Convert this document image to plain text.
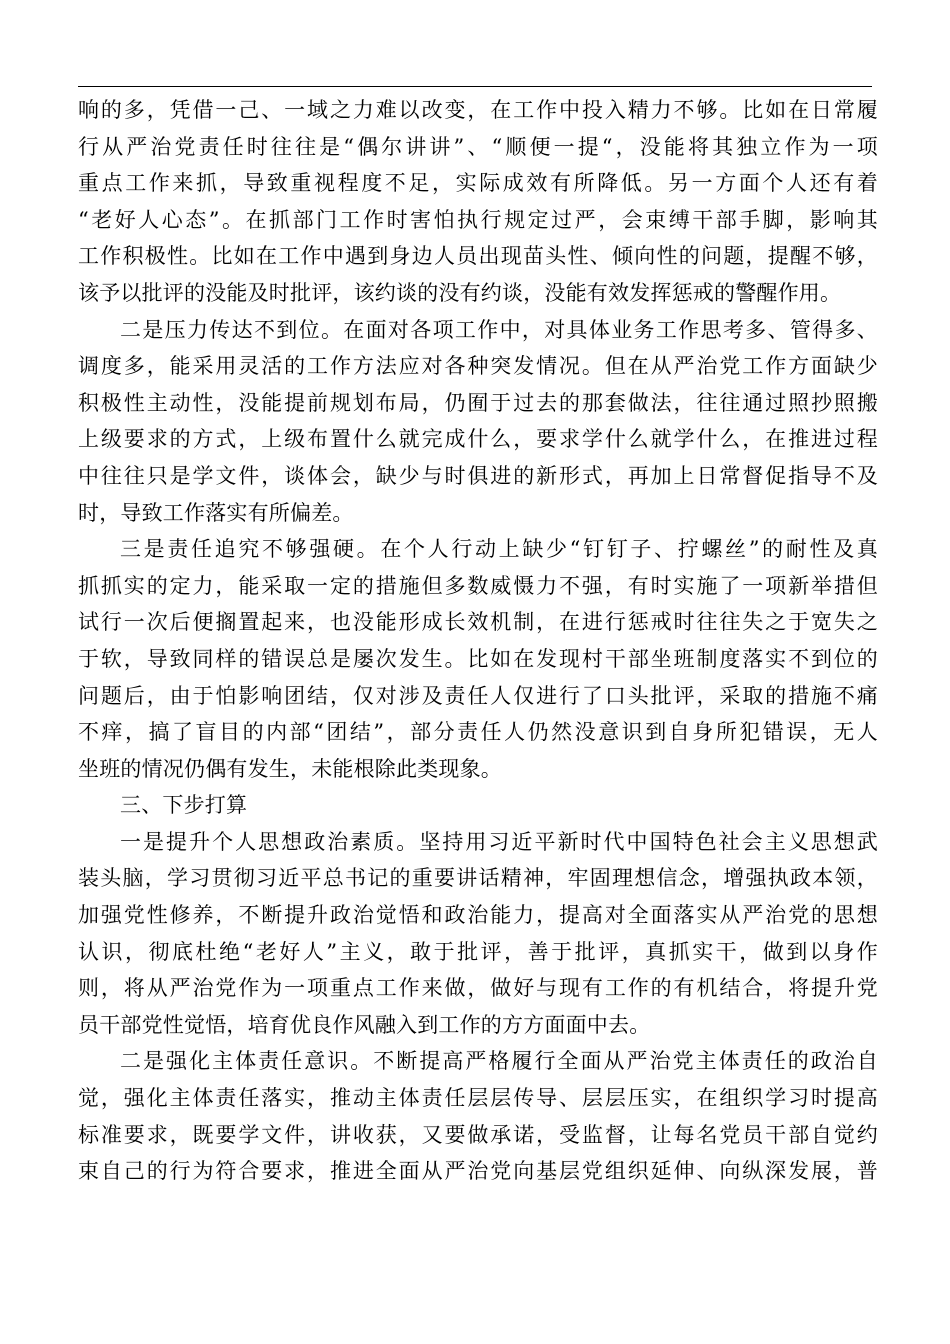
响的多，凭借一己、一域之力难以改变，在工作中投入精力不够。比如在日常履
行从严治党责任时往往是“偶尔讲讲”、“顺便一提“，没能将其独立作为一项
重点工作来抓，导致重视程度不足，实际成效有所降低。另一方面个人还有着
“老好人心态”。在抓部门工作时害怕执行规定过严，会束缚干部手脚，影响其
工作积极性。比如在工作中遇到身边人员出现苗头性、倾向性的问题，提醒不够，
该予以批评的没能及时批评，该约谈的没有约谈，没能有效发挥惩戒的警醒作用。
二是压力传达不到位。在面对各项工作中，对具体业务工作思考多、管得多、
调度多，能采用灵活的工作方法应对各种突发情况。但在从严治党工作方面缺少
积极性主动性，没能提前规划布局，仍囿于过去的那套做法，往往通过照抄照搬
上级要求的方式，上级布置什么就完成什么，要求学什么就学什么，在推进过程
中往往只是学文件，谈体会，缺少与时俱进的新形式，再加上日常督促指导不及
时，导致工作落实有所偏差。
三是责任追究不够强硬。在个人行动上缺少“钉钉子、拧螺丝”的耐性及真
抓抓实的定力，能采取一定的措施但多数威慑力不强，有时实施了一项新举措但
试行一次后便搁置起来，也没能形成长效机制，在进行惩戒时往往失之于宽失之
于软，导致同样的错误总是屡次发生。比如在发现村干部坐班制度落实不到位的
问题后，由于怕影响团结，仅对涉及责任人仅进行了口头批评，采取的措施不痛
不痒，搞了盲目的内部“团结”，部分责任人仍然没意识到自身所犯错误，无人
坐班的情况仍偶有发生，未能根除此类现象。
三、下步打算
一是提升个人思想政治素质。坚持用习近平新时代中国特色社会主义思想武
装头脑，学习贯彻习近平总书记的重要讲话精神，牢固理想信念，增强执政本领，
加强党性修养，不断提升政治觉悟和政治能力，提高对全面落实从严治党的思想
认识，彻底杜绝“老好人”主义，敢于批评，善于批评，真抓实干，做到以身作
则，将从严治党作为一项重点工作来做，做好与现有工作的有机结合，将提升党
员干部党性觉悟，培育优良作风融入到工作的方方面面中去。
二是强化主体责任意识。不断提高严格履行全面从严治党主体责任的政治自
觉，强化主体责任落实，推动主体责任层层传导、层层压实，在组织学习时提高
标准要求，既要学文件，讲收获，又要做承诺，受监督，让每名党员干部自觉约
束自己的行为符合要求，推进全面从严治党向基层党组织延伸、向纵深发展，普
